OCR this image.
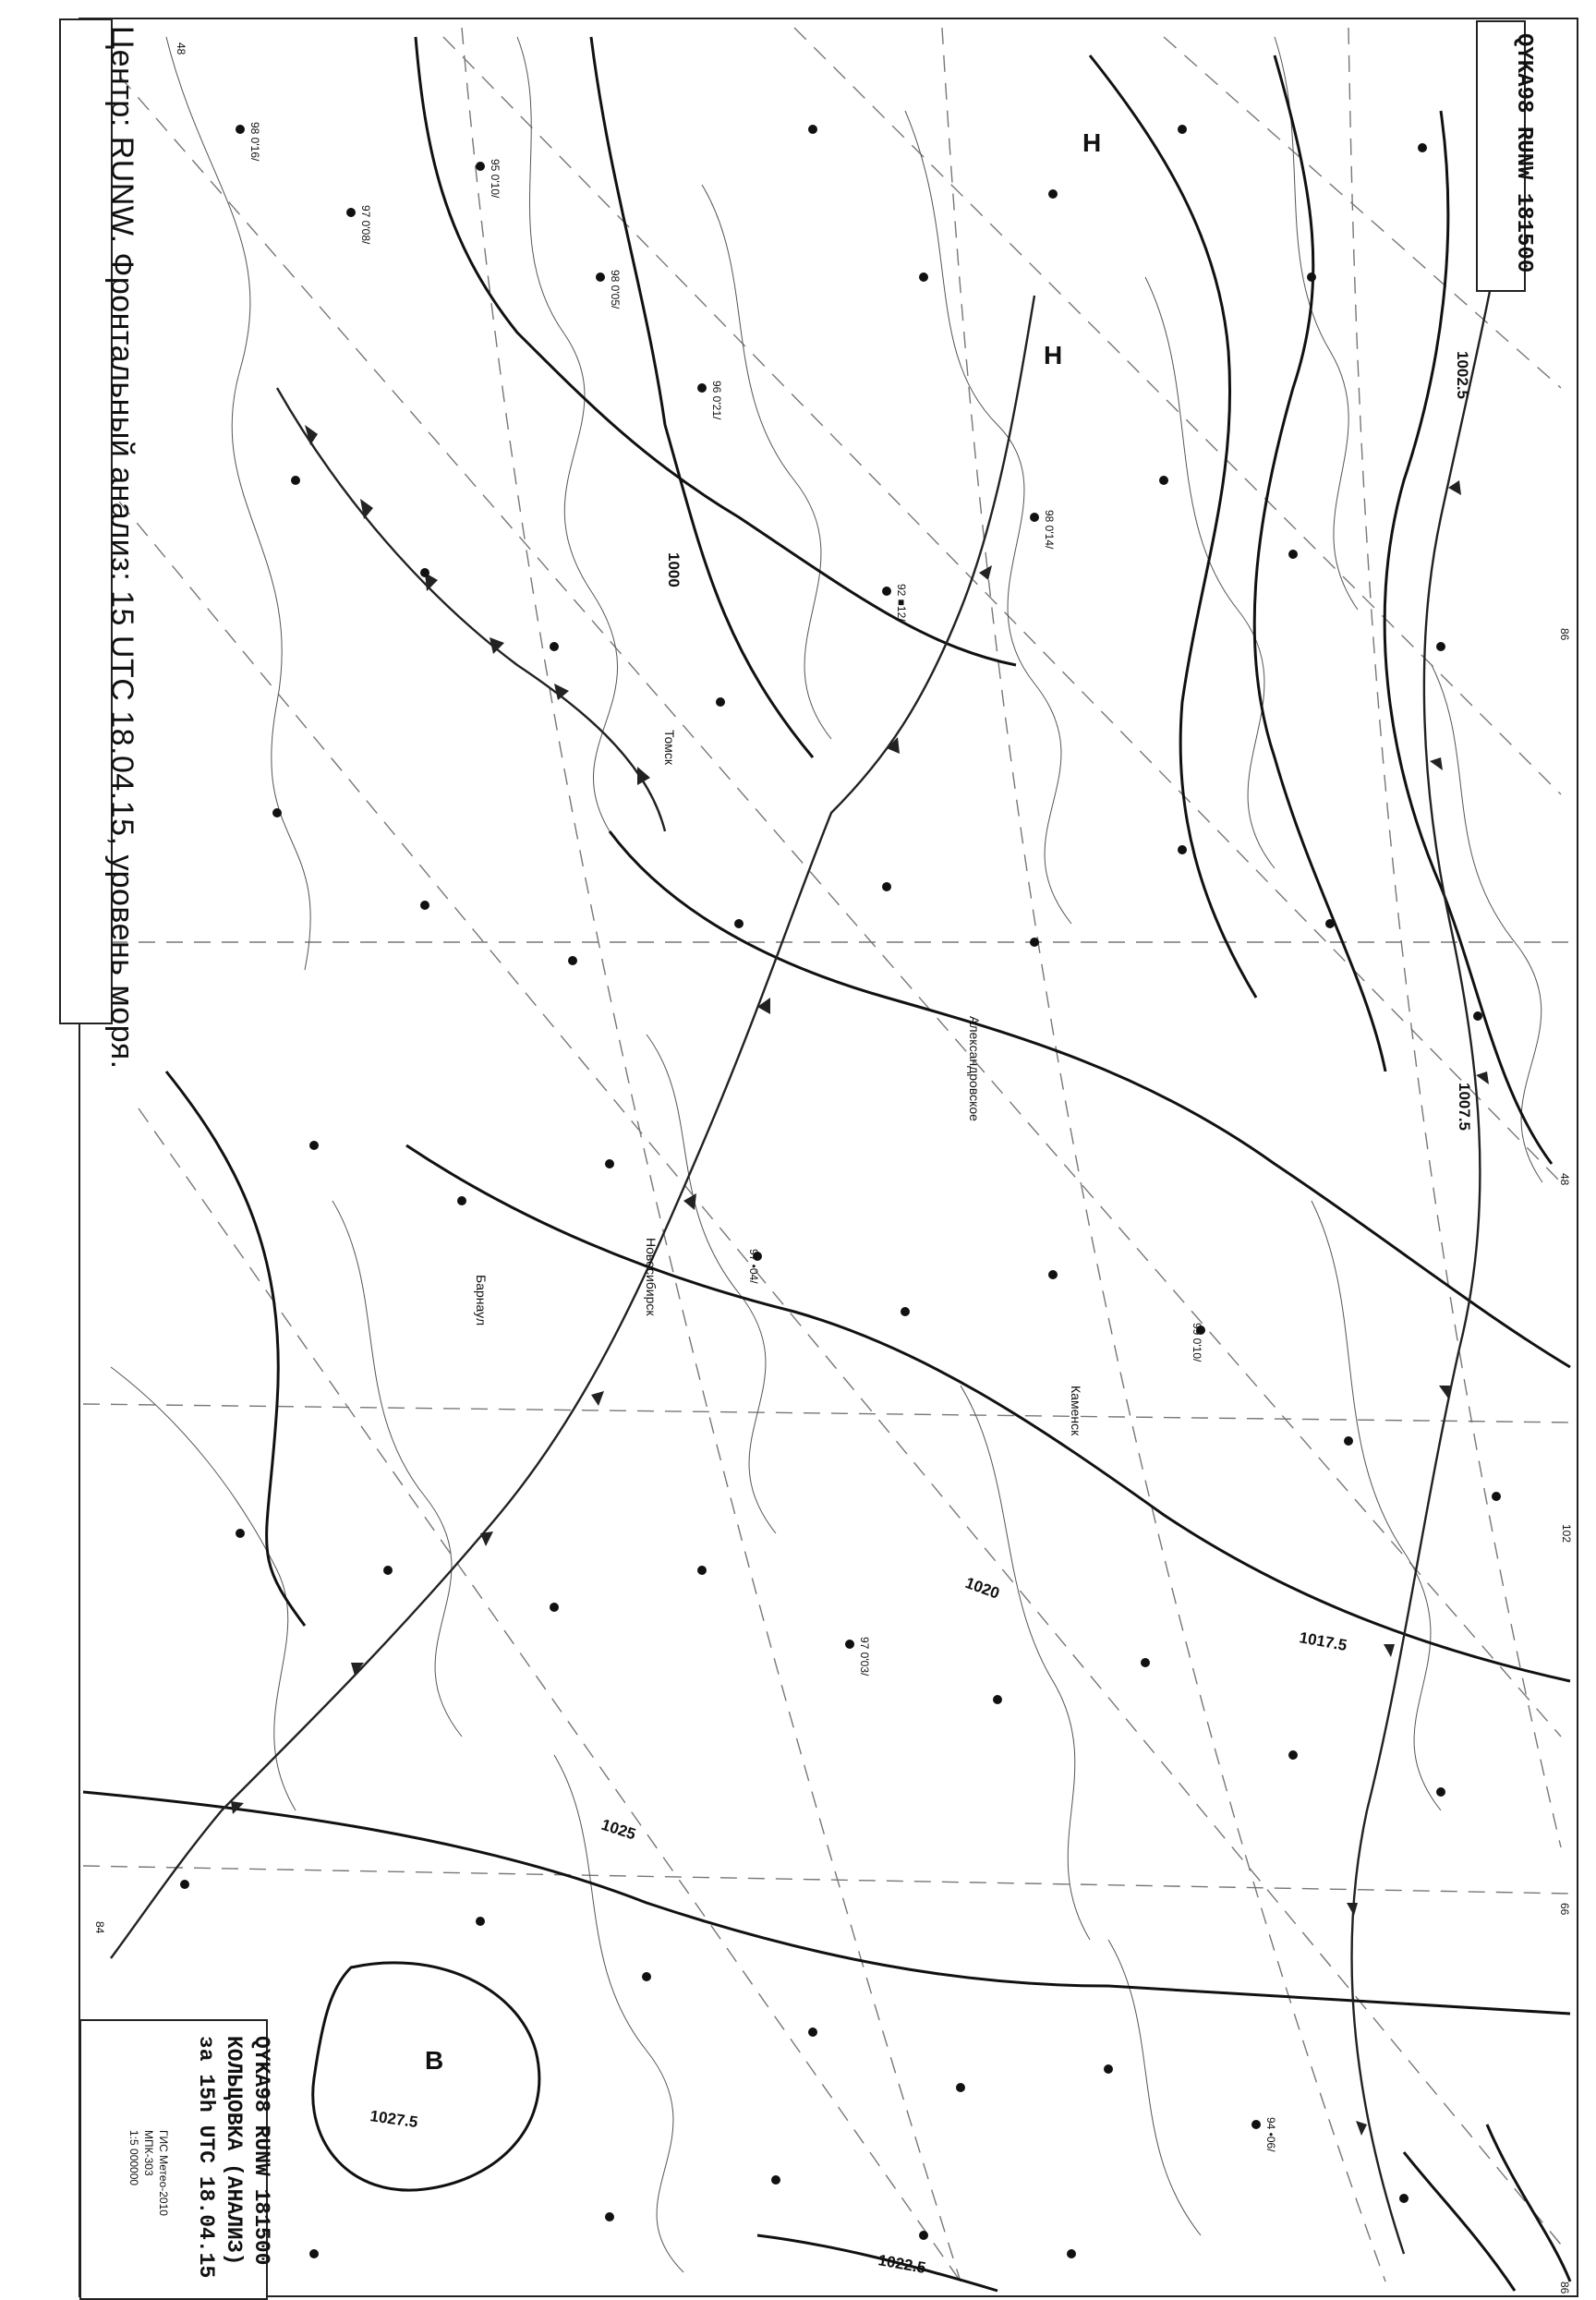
1000
1002.5
1007.5
1017.5
1020
1022.5
1025
1027.5
Н
Н
В
Александровское
Каменск
Новосибирск
Барнаул
Томск
98 0'16/
97 0'08/
95 0'10/
98 0'05/
96 0'21/
92 ■12/
98 0'14/
97 •04/
99 0'10/
97 0'03/
94 •06/
48
102
86
66
86
48
84
Центр: RUNW. Фронтальный анализ: 15 UTC 18.04.15, уровень моря.	QYKA98 RUNW 181500
QYKA98 RUNW 181500
КОЛЬЦОВКА (АНАЛИЗ)
за 15h UTC 18.04.15
ГИС Метео-2010
МПК-303
1:5 000000
